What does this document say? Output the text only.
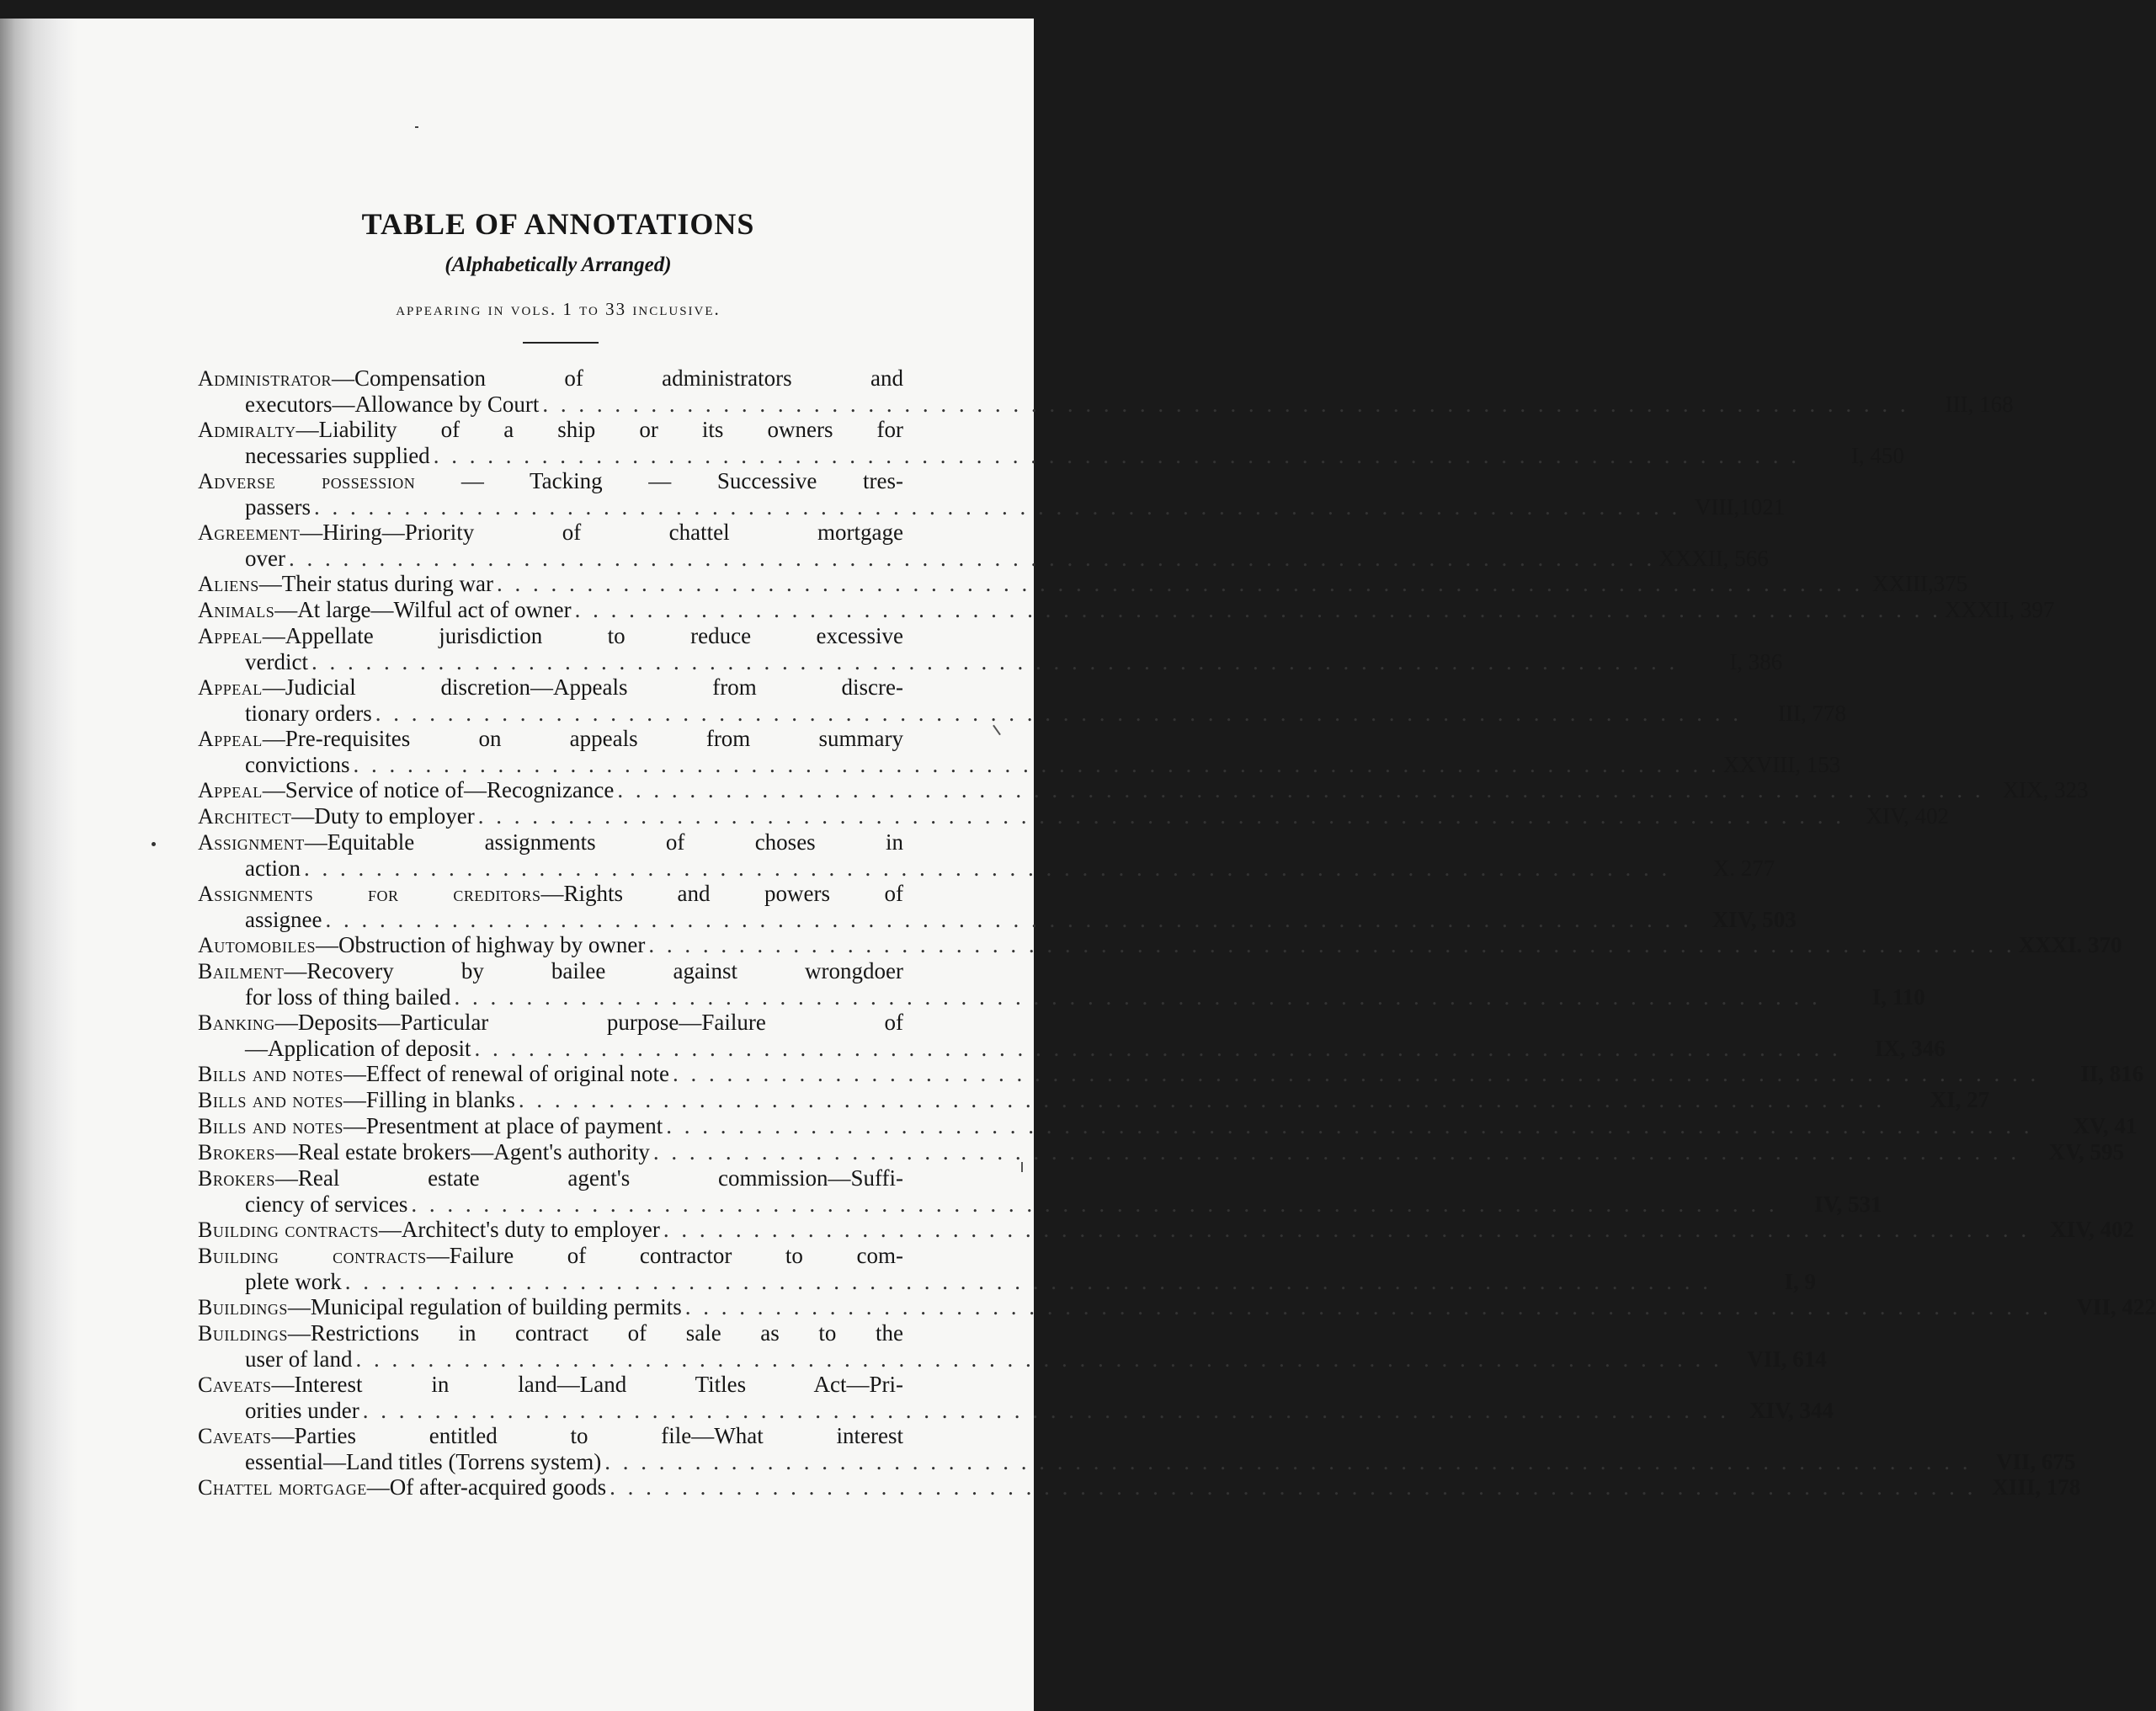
TABLE OF ANNOTATIONS
(Alphabetically Arranged)
appearing in vols. 1 to 33 inclusive.
Administrator—Compensation of administrators and
executors—Allowance by Court . . . . . . . . . . . . . . . . . . . . . . . . . . . . . . . . . . . . . . . . . . . . . . . . . . . . . . . . . . . . . . . . . . . . . . . . . . . .	III, 168
Admiralty—Liability of a ship or its owners for
necessaries supplied . . . . . . . . . . . . . . . . . . . . . . . . . . . . . . . . . . . . . . . . . . . . . . . . . . . . . . . . . . . . . . . . . . . . . . . . . . . .	I, 450
Adverse possession — Tacking — Successive tres-
passers . . . . . . . . . . . . . . . . . . . . . . . . . . . . . . . . . . . . . . . . . . . . . . . . . . . . . . . . . . . . . . . . . . . . . . . . . . . . VIII,1021
Agreement—Hiring—Priority of chattel mortgage
over . . . . . . . . . . . . . . . . . . . . . . . . . . . . . . . . . . . . . . . . . . . . . . . . . . . . . . . . . . . . . . . . . . . . . . . . . . . . XXXII, 566
Aliens—Their status during war . . . . . . . . . . . . . . . . . . . . . . . . . . . . . . . . . . . . . . . . . . . . . . . . . . . . . . . . . . . . . . . . . . . . . . . . . . . . XXIII,375
Animals—At large—Wilful act of owner . . . . . . . . . . . . . . . . . . . . . . . . . . . . . . . . . . . . . . . . . . . . . . . . . . . . . . . . . . . . . . . . . . . . . . . . . . . . XXXII, 397
Appeal—Appellate jurisdiction to reduce excessive
verdict . . . . . . . . . . . . . . . . . . . . . . . . . . . . . . . . . . . . . . . . . . . . . . . . . . . . . . . . . . . . . . . . . . . . . . . . . . . .	I, 386
Appeal—Judicial discretion—Appeals from discre-
tionary orders . . . . . . . . . . . . . . . . . . . . . . . . . . . . . . . . . . . . . . . . . . . . . . . . . . . . . . . . . . . . . . . . . . . . . . . . . . . .	III, 778
Appeal—Pre-requisites on appeals from summary
convictions . . . . . . . . . . . . . . . . . . . . . . . . . . . . . . . . . . . . . . . . . . . . . . . . . . . . . . . . . . . . . . . . . . . . . . . . . . . . XXVIII, 153
Appeal—Service of notice of—Recognizance . . . . . . . . . . . . . . . . . . . . . . . . . . . . . . . . . . . . . . . . . . . . . . . . . . . . . . . . . . . . . . . . . . . . . . . . . . . . XIX, 323
Architect—Duty to employer . . . . . . . . . . . . . . . . . . . . . . . . . . . . . . . . . . . . . . . . . . . . . . . . . . . . . . . . . . . . . . . . . . . . . . . . . . . . XIV, 402
Assignment—Equitable assignments of choses in
action . . . . . . . . . . . . . . . . . . . . . . . . . . . . . . . . . . . . . . . . . . . . . . . . . . . . . . . . . . . . . . . . . . . . . . . . . . . .	X. 277
Assignments for creditors—Rights and powers of
assignee . . . . . . . . . . . . . . . . . . . . . . . . . . . . . . . . . . . . . . . . . . . . . . . . . . . . . . . . . . . . . . . . . . . . . . . . . . . . XIV, 503
Automobiles—Obstruction of highway by owner . . . . . . . . . . . . . . . . . . . . . . . . . . . . . . . . . . . . . . . . . . . . . . . . . . . . . . . . . . . . . . . . . . . . . . . . . . . . XXXI. 370
Bailment—Recovery by bailee against wrongdoer
for loss of thing bailed . . . . . . . . . . . . . . . . . . . . . . . . . . . . . . . . . . . . . . . . . . . . . . . . . . . . . . . . . . . . . . . . . . . . . . . . . . . .	I, 110
Banking—Deposits—Particular purpose—Failure of
—Application of deposit . . . . . . . . . . . . . . . . . . . . . . . . . . . . . . . . . . . . . . . . . . . . . . . . . . . . . . . . . . . . . . . . . . . . . . . . . . . .	IX, 346
Bills and notes—Effect of renewal of original note . . . . . . . . . . . . . . . . . . . . . . . . . . . . . . . . . . . . . . . . . . . . . . . . . . . . . . . . . . . . . . . . . . . . . . . . . . . .	II, 816
Bills and notes—Filling in blanks . . . . . . . . . . . . . . . . . . . . . . . . . . . . . . . . . . . . . . . . . . . . . . . . . . . . . . . . . . . . . . . . . . . . . . . . . . . .	XI, 27
Bills and notes—Presentment at place of payment . . . . . . . . . . . . . . . . . . . . . . . . . . . . . . . . . . . . . . . . . . . . . . . . . . . . . . . . . . . . . . . . . . . . . . . . . . . .	XV, 41
Brokers—Real estate brokers—Agent's authority . . . . . . . . . . . . . . . . . . . . . . . . . . . . . . . . . . . . . . . . . . . . . . . . . . . . . . . . . . . . . . . . . . . . . . . . . . . .	XV, 595
Brokers—Real estate agent's commission—Suffi-
ciency of services . . . . . . . . . . . . . . . . . . . . . . . . . . . . . . . . . . . . . . . . . . . . . . . . . . . . . . . . . . . . . . . . . . . . . . . . . . . .	IV, 531
Building contracts—Architect's duty to employer . . . . . . . . . . . . . . . . . . . . . . . . . . . . . . . . . . . . . . . . . . . . . . . . . . . . . . . . . . . . . . . . . . . . . . . . . . . . XIV, 402
Building contracts—Failure of contractor to com-
plete work . . . . . . . . . . . . . . . . . . . . . . . . . . . . . . . . . . . . . . . . . . . . . . . . . . . . . . . . . . . . . . . . . . . . . . . . . . . .	I, 9
Buildings—Municipal regulation of building permits . . . . . . . . . . . . . . . . . . . . . . . . . . . . . . . . . . . . . . . . . . . . . . . . . . . . . . . . . . . . . . . . . . . . . . . . . . . .	VII, 422
Buildings—Restrictions in contract of sale as to the
user of land . . . . . . . . . . . . . . . . . . . . . . . . . . . . . . . . . . . . . . . . . . . . . . . . . . . . . . . . . . . . . . . . . . . . . . . . . . . .	VII, 614
Caveats—Interest in land—Land Titles Act—Pri-
orities under . . . . . . . . . . . . . . . . . . . . . . . . . . . . . . . . . . . . . . . . . . . . . . . . . . . . . . . . . . . . . . . . . . . . . . . . . . . . XIV, 344
Caveats—Parties entitled to file—What interest
essential—Land titles (Torrens system) . . . . . . . . . . . . . . . . . . . . . . . . . . . . . . . . . . . . . . . . . . . . . . . . . . . . . . . . . . . . . . . . . . . . . . . . . . . .	VII, 675
Chattel mortgage—Of after-acquired goods . . . . . . . . . . . . . . . . . . . . . . . . . . . . . . . . . . . . . . . . . . . . . . . . . . . . . . . . . . . . . . . . . . . . . . . . . . . . XIII, 178
